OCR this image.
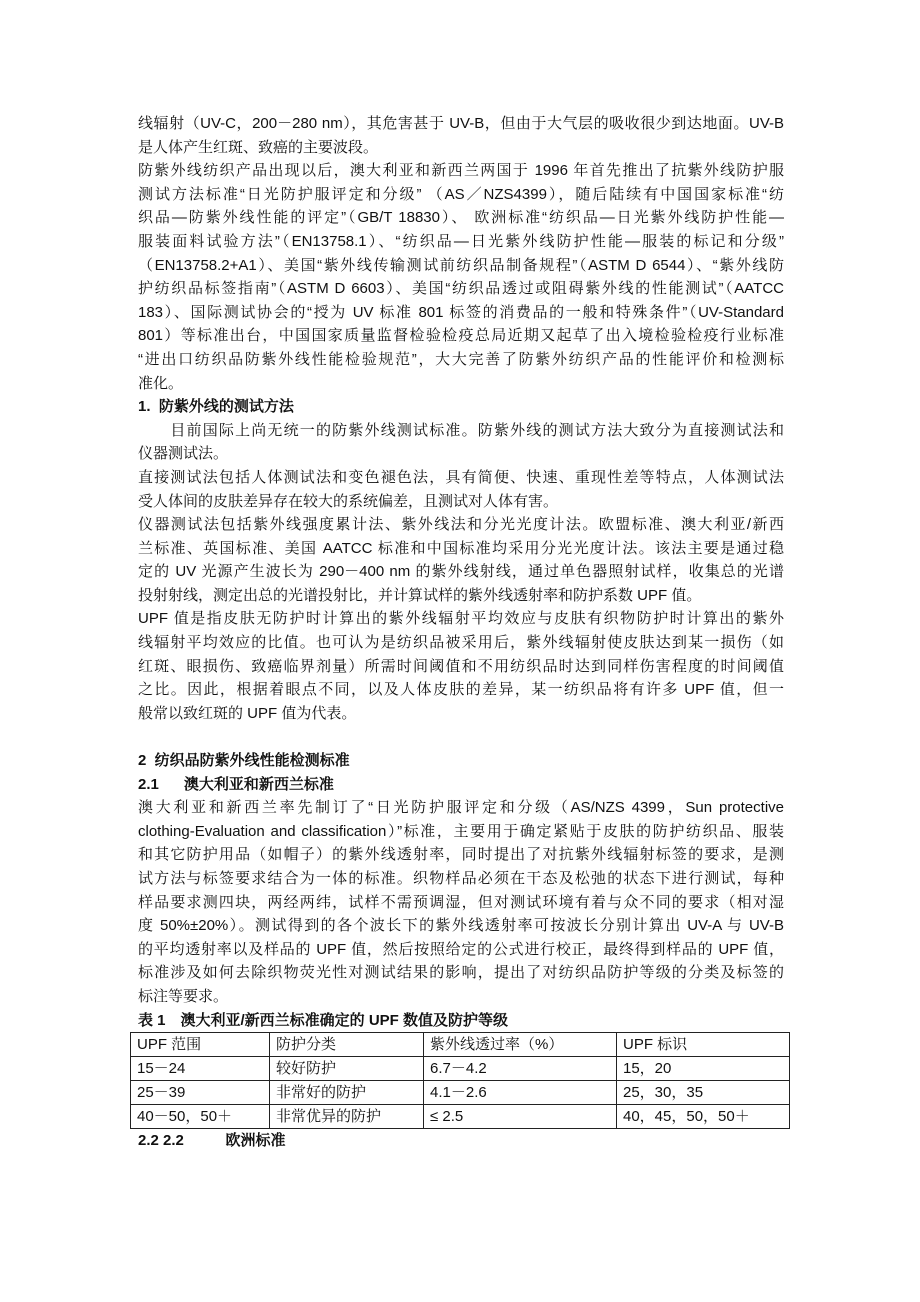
线辐射（UV-C，200－280 nm），其危害甚于 UV-B，但由于大气层的吸收很少到达地面。UV-B
是人体产生红斑、致癌的主要波段。
防紫外线纺织产品出现以后，澳大利亚和新西兰两国于 1996 年首先推出了抗紫外线防护服
测试方法标准“日光防护服评定和分级” （AS／NZS4399），随后陆续有中国国家标准“纺
织品—防紫外线性能的评定”（GB/T 18830）、 欧洲标准“纺织品—日光紫外线防护性能—
服装面料试验方法”（EN13758.1）、“纺织品—日光紫外线防护性能—服装的标记和分级”
（EN13758.2+A1）、美国“紫外线传输测试前纺织品制备规程”（ASTM D 6544）、“紫外线防
护纺织品标签指南”（ASTM D 6603）、美国“纺织品透过或阻碍紫外线的性能测试”（AATCC
183）、国际测试协会的“授为 UV 标准 801 标签的消费品的一般和特殊条件”（UV-Standard
801）等标准出台，中国国家质量监督检验检疫总局近期又起草了出入境检验检疫行业标准
“进出口纺织品防紫外线性能检验规范”，大大完善了防紫外纺织产品的性能评价和检测标
准化。
1.  防紫外线的测试方法
　　目前国际上尚无统一的防紫外线测试标准。防紫外线的测试方法大致分为直接测试法和
仪器测试法。
直接测试法包括人体测试法和变色褪色法，具有简便、快速、重现性差等特点，人体测试法
受人体间的皮肤差异存在较大的系统偏差，且测试对人体有害。
仪器测试法包括紫外线强度累计法、紫外线法和分光光度计法。欧盟标准、澳大利亚/新西
兰标准、英国标准、美国 AATCC 标准和中国标准均采用分光光度计法。该法主要是通过稳
定的 UV 光源产生波长为 290－400 nm 的紫外线射线，通过单色器照射试样，收集总的光谱
投射射线，测定出总的光谱投射比，并计算试样的紫外线透射率和防护系数 UPF 值。
UPF 值是指皮肤无防护时计算出的紫外线辐射平均效应与皮肤有织物防护时计算出的紫外
线辐射平均效应的比值。也可认为是纺织品被采用后，紫外线辐射使皮肤达到某一损伤（如
红斑、眼损伤、致癌临界剂量）所需时间阈值和不用纺织品时达到同样伤害程度的时间阈值
之比。因此，根据着眼点不同，以及人体皮肤的差异，某一纺织品将有许多 UPF 值，但一
般常以致红斑的 UPF 值为代表。
2  纺织品防紫外线性能检测标准
2.1      澳大利亚和新西兰标准
澳大利亚和新西兰率先制订了“日光防护服评定和分级（AS/NZS 4399，Sun protective
clothing-Evaluation and classification）”标准，主要用于确定紧贴于皮肤的防护纺织品、服装
和其它防护用品（如帽子）的紫外线透射率，同时提出了对抗紫外线辐射标签的要求，是测
试方法与标签要求结合为一体的标准。织物样品必须在干态及松弛的状态下进行测试，每种
样品要求测四块，两经两纬，试样不需预调湿，但对测试环境有着与众不同的要求（相对湿
度 50%±20%）。测试得到的各个波长下的紫外线透射率可按波长分别计算出 UV-A 与 UV-B
的平均透射率以及样品的 UPF 值，然后按照给定的公式进行校正，最终得到样品的 UPF 值，
标准涉及如何去除织物荧光性对测试结果的影响，提出了对纺织品防护等级的分类及标签的
标注等要求。
表 1　澳大利亚/新西兰标准确定的 UPF 数值及防护等级
UPF 范围	防护分类	紫外线透过率（%）	UPF 标识
15－24	较好防护	6.7－4.2	15，20
25－39	非常好的防护	4.1－2.6	25，30，35
40－50，50＋	非常优异的防护	≤ 2.5	40，45，50，50＋
2.2 2.2          欧洲标准
